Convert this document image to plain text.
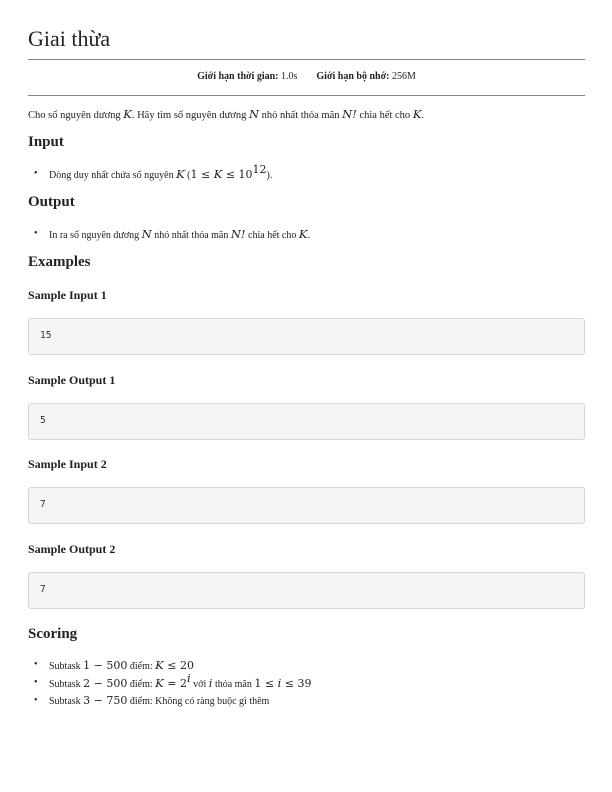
Giai thừa
Giới hạn thời gian: 1.0s Giới hạn bộ nhớ: 256M

Cho số nguyên dương K. Hãy tìm số nguyên dương N nhỏ nhất thỏa mãn N! chia hết cho K.

Input
• Dòng duy nhất chứa số nguyên K $(1 \le K \le 10^{12})$.
Output
• In ra số nguyên dương N nhỏ nhất thỏa mãn N! chia hết cho K.
Examples
Sample Input 1
15
Sample Output 1
5
Sample Input 2
7
Sample Output 2
7
Scoring
• Subtask 1 − 500 điểm: K ≤ 20
• Subtask 2 − 500 điểm: $K = 2^i$ với i thỏa mãn 1 ≤ i ≤ 39
• Subtask 3 − 750 điểm: Không có ràng buộc gì thêm
